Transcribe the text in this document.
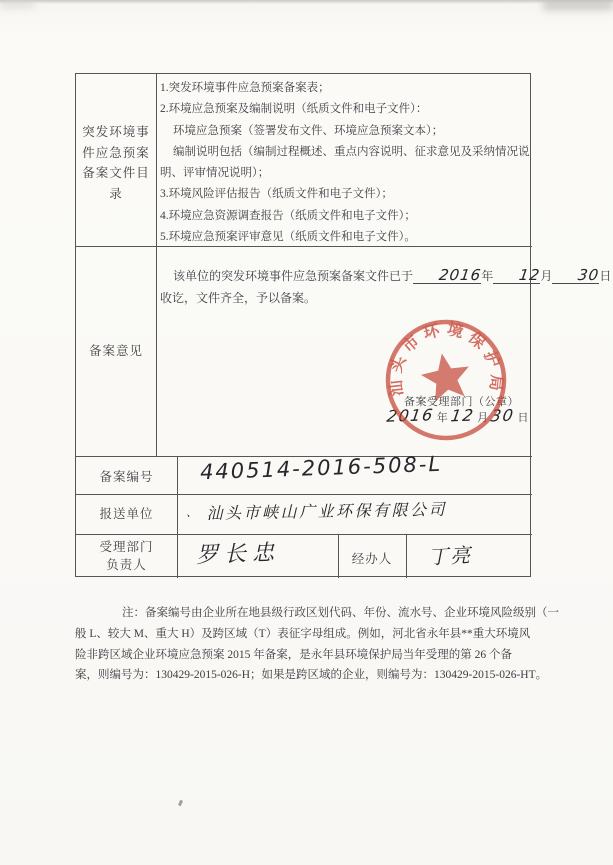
突发环境事
件应急预案
备案文件目
录
1.突发环境事件应急预案备案表；
2.环境应急预案及编制说明（纸质文件和电子文件）：
环境应急预案（签署发布文件、环境应急预案文本）；
编制说明包括（编制过程概述、重点内容说明、征求意见及采纳情况说
明、评审情况说明）；
3.环境风险评估报告（纸质文件和电子文件）；
4.环境应急资源调查报告（纸质文件和电子文件）；
5.环境应急预案评审意见（纸质文件和电子文件）。
备案意见
该单位的突发环境事件应急预案备案文件已于 2016年 12月 30日
收讫，文件齐全，予以备案。
备案编号
报送单位
受理部门
负责人	经办人
备案受理部门（公章）
2016 年12 月30 日
汕头市环境保护局
440514-2016-508-L
、 汕头市峡山广业环保有限公司
罗长忠	丁亮
注：备案编号由企业所在地县级行政区划代码、年份、流水号、企业环境风险级别（一
般 L、较大 M、重大 H）及跨区域（T）表征字母组成。例如，河北省永年县**重大环境风
险非跨区域企业环境应急预案 2015 年备案，是永年县环境保护局当年受理的第 26 个备
案，则编号为：130429-2015-026-H；如果是跨区域的企业，则编号为：130429-2015-026-HT。
